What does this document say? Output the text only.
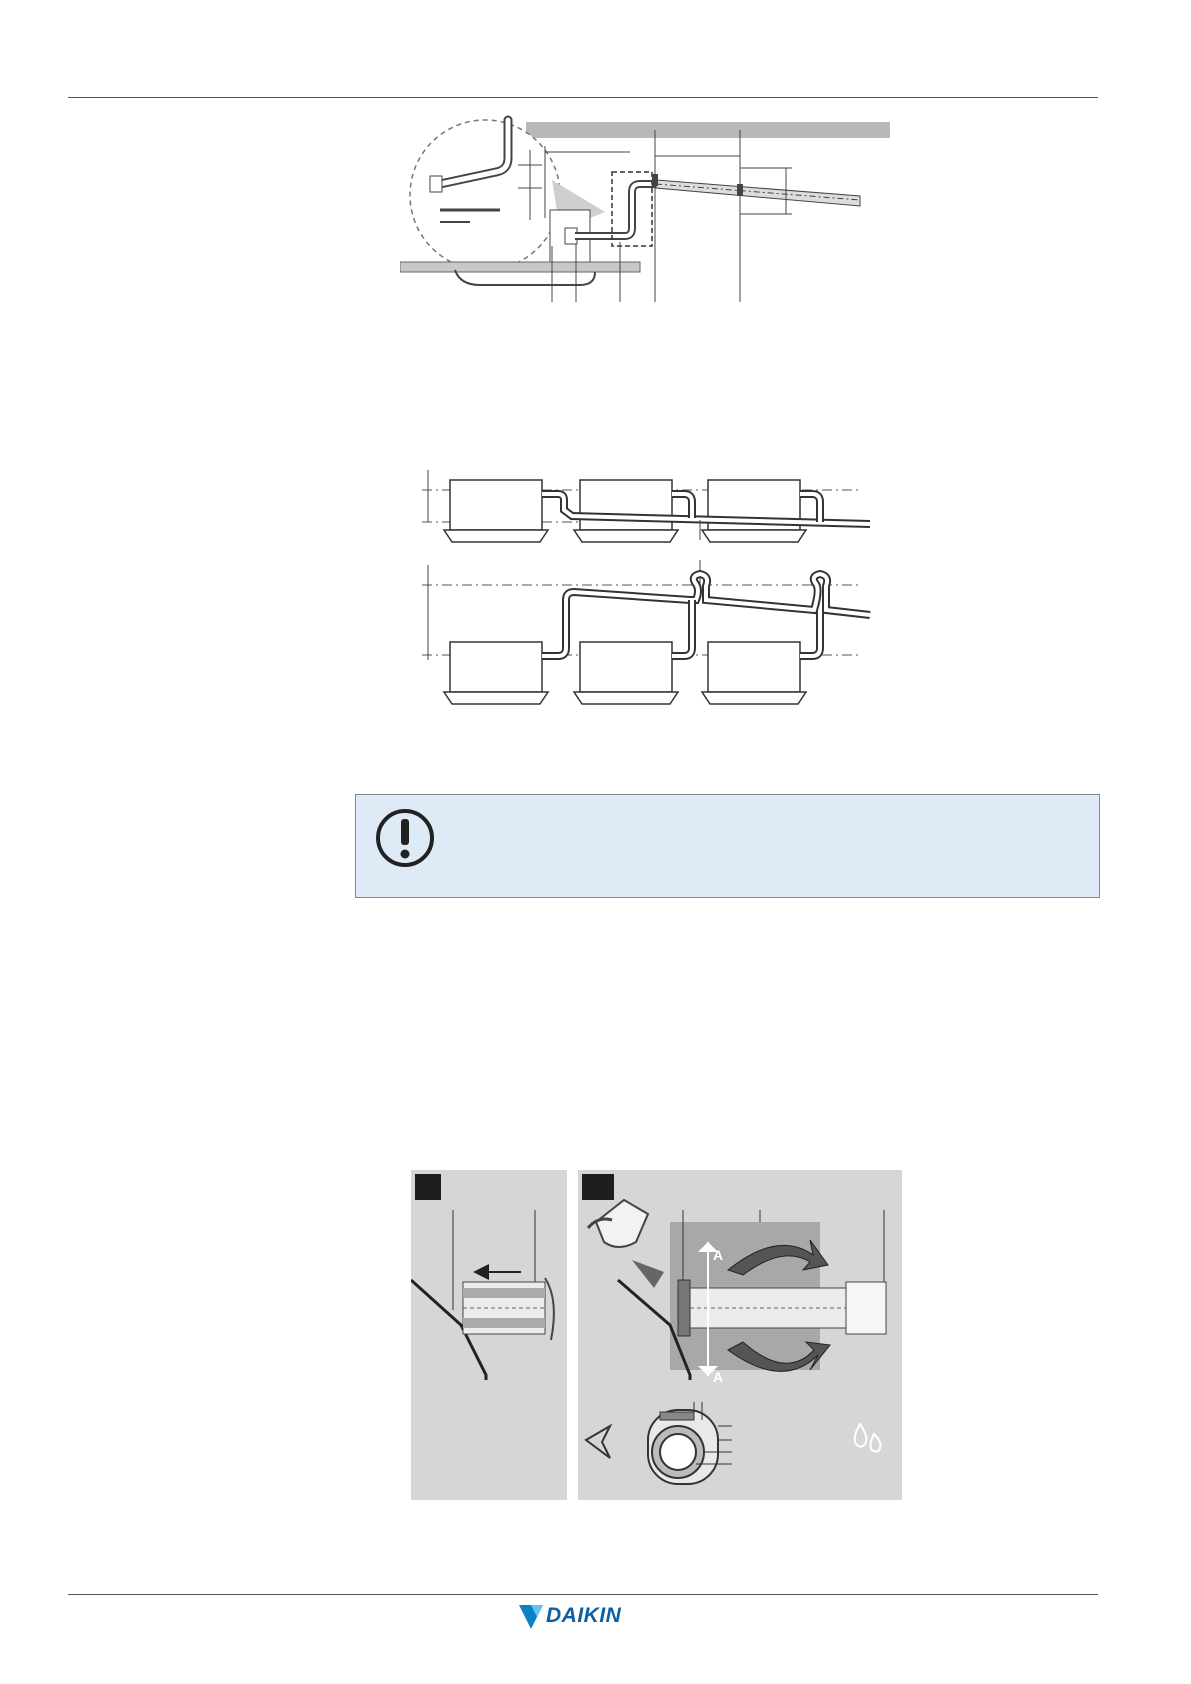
A
A
DAIKIN
